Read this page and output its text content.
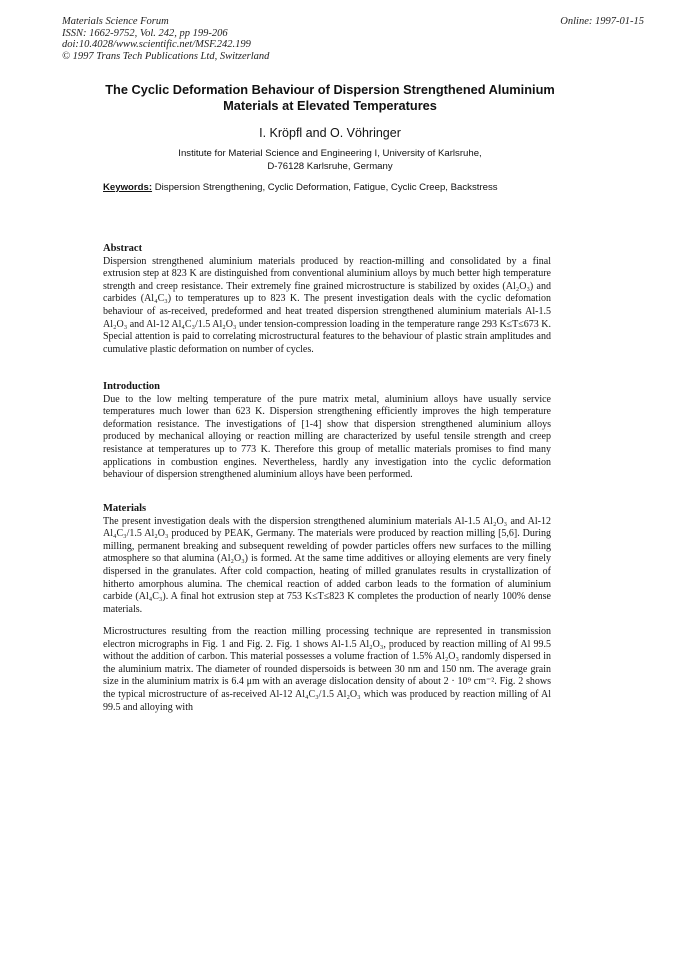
Materials Science Forum
ISSN: 1662-9752, Vol. 242, pp 199-206
doi:10.4028/www.scientific.net/MSF.242.199
© 1997 Trans Tech Publications Ltd, Switzerland
Online: 1997-01-15
The Cyclic Deformation Behaviour of Dispersion Strengthened Aluminium Materials at Elevated Temperatures
I. Kröpfl and O. Vöhringer
Institute for Material Science and Engineering I, University of Karlsruhe,
D-76128 Karlsruhe, Germany
Keywords: Dispersion Strengthening, Cyclic Deformation, Fatigue, Cyclic Creep, Backstress
Abstract
Dispersion strengthened aluminium materials produced by reaction-milling and consolidated by a final extrusion step at 823 K are distinguished from conventional aluminium alloys by much better high temperature strength and creep resistance. Their extremely fine grained microstructure is stabilized by oxides (Al₂O₃) and carbides (Al₄C₃) to temperatures up to 823 K. The present investigation deals with the cyclic defomation behaviour of as-received, predeformed and heat treated dispersion strengthened aluminium materials Al-1.5 Al₂O₃ and Al-12 Al₄C₃/1.5 Al₂O₃ under tension-compression loading in the temperature range 293 K≤T≤673 K. Special attention is paid to correlating microstructural features to the behaviour of plastic strain amplitudes and cumulative plastic deformation on number of cycles.
Introduction
Due to the low melting temperature of the pure matrix metal, aluminium alloys have usually service temperatures much lower than 623 K. Dispersion strengthening efficiently improves the high temperature deformation resistance. The investigations of [1-4] show that dispersion strengthened aluminium alloys produced by mechanical alloying or reaction milling are characterized by useful tensile strength and creep resistance at temperatures up to 773 K. Therefore this group of metallic materials promises to find many applications in combustion engines. Nevertheless, hardly any investigation into the cyclic deformation behaviour of dispersion strengthened aluminium alloys have been performed.
Materials
The present investigation deals with the dispersion strengthened aluminium materials Al-1.5 Al₂O₃ and Al-12 Al₄C₃/1.5 Al₂O₃ produced by PEAK, Germany. The materials were produced by reaction milling [5,6]. During milling, permanent breaking and subsequent rewelding of powder particles offers new surfaces to the milling atmosphere so that alumina (Al₂O₃) is formed. At the same time additives or alloying elements are very finely dispersed in the granulates. After cold compaction, heating of milled granulates results in crystallization of hitherto amorphous alumina. The chemical reaction of added carbon leads to the formation of aluminium carbide (Al₄C₃). A final hot extrusion step at 753 K≤T≤823 K completes the production of nearly 100% dense materials.
Microstructures resulting from the reaction milling processing technique are represented in transmission electron micrographs in Fig. 1 and Fig. 2. Fig. 1 shows Al-1.5 Al₂O₃, produced by reaction milling of Al 99.5 without the addition of carbon. This material possesses a volume fraction of 1.5% Al₂O₃ randomly dispersed in the aluminium matrix. The diameter of rounded dispersoids is between 30 nm and 150 nm. The average grain size in the aluminium matrix is 6.4 μm with an average dislocation density of about 2 · 10⁹ cm⁻². Fig. 2 shows the typical microstructure of as-received Al-12 Al₄C₃/1.5 Al₂O₃ which was produced by reaction milling of Al 99.5 and alloying with
